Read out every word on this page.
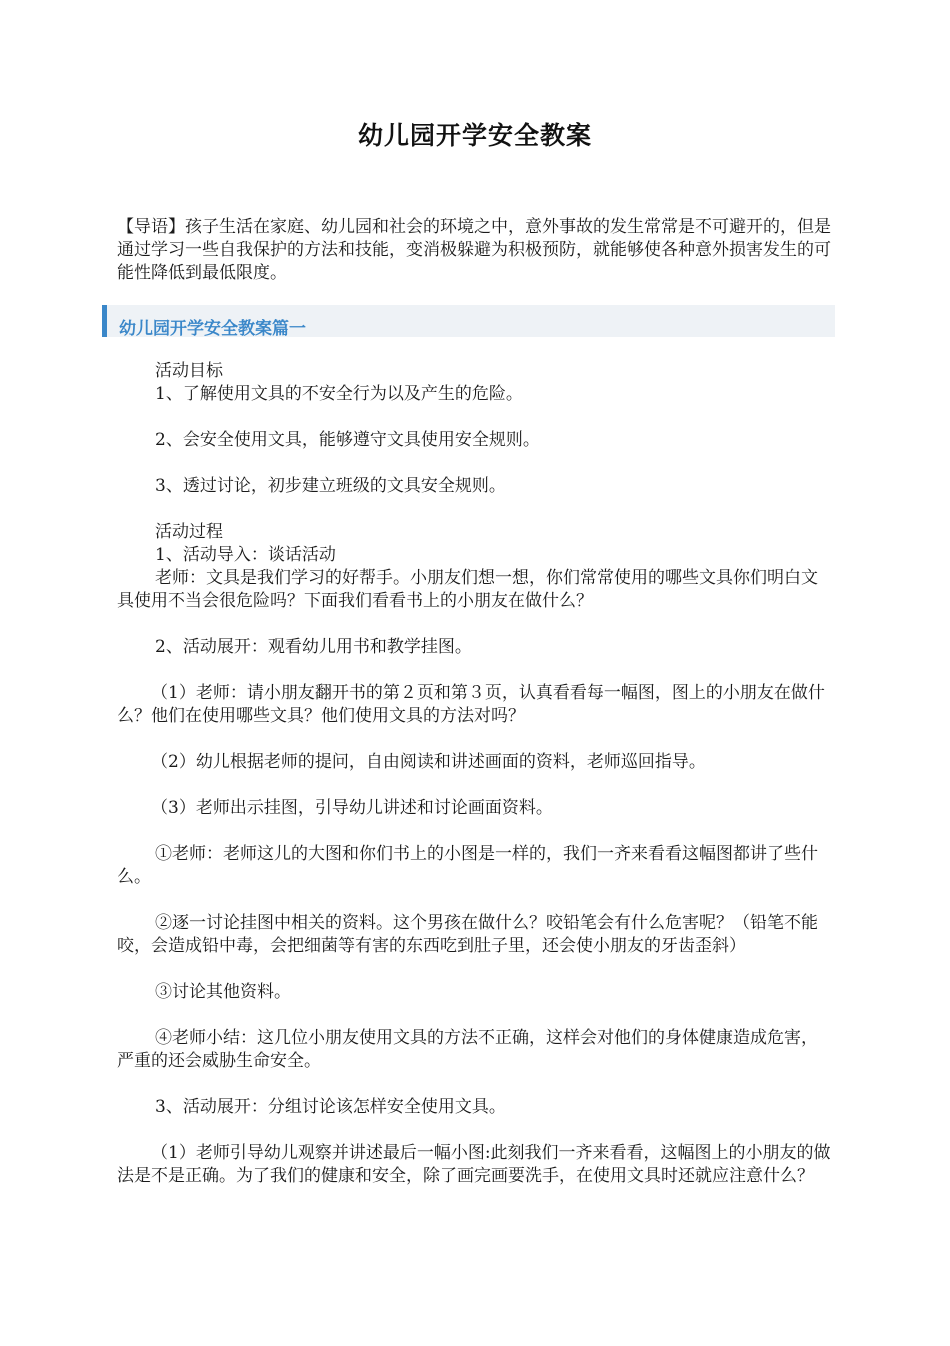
幼儿园开学安全教案
【导语】孩子生活在家庭、幼儿园和社会的环境之中，意外事故的发生常常是不可避开的，但是通过学习一些自我保护的方法和技能，变消极躲避为积极预防，就能够使各种意外损害发生的可能性降低到最低限度。
幼儿园开学安全教案篇一

活动目标

1、了解使用文具的不安全行为以及产生的危险。

2、会安全使用文具，能够遵守文具使用安全规则。

3、透过讨论，初步建立班级的文具安全规则。

活动过程

1、活动导入：谈话活动

老师：文具是我们学习的好帮手。小朋友们想一想，你们常常使用的哪些文具你们明白文具使用不当会很危险吗？下面我们看看书上的小朋友在做什么？

2、活动展开：观看幼儿用书和教学挂图。

（1）老师：请小朋友翻开书的第２页和第３页，认真看看每一幅图，图上的小朋友在做什么？他们在使用哪些文具？他们使用文具的方法对吗？

（2）幼儿根据老师的提问，自由阅读和讲述画面的资料，老师巡回指导。

（3）老师出示挂图，引导幼儿讲述和讨论画面资料。

①老师：老师这儿的大图和你们书上的小图是一样的，我们一齐来看看这幅图都讲了些什么。

②逐一讨论挂图中相关的资料。这个男孩在做什么？咬铅笔会有什么危害呢？（铅笔不能咬，会造成铅中毒，会把细菌等有害的东西吃到肚子里，还会使小朋友的牙齿歪斜）

③讨论其他资料。

④老师小结：这几位小朋友使用文具的方法不正确，这样会对他们的身体健康造成危害，严重的还会威胁生命安全。

3、活动展开：分组讨论该怎样安全使用文具。

（1）老师引导幼儿观察并讲述最后一幅小图:此刻我们一齐来看看，这幅图上的小朋友的做法是不是正确。为了我们的健康和安全，除了画完画要洗手，在使用文具时还就应注意什么？
